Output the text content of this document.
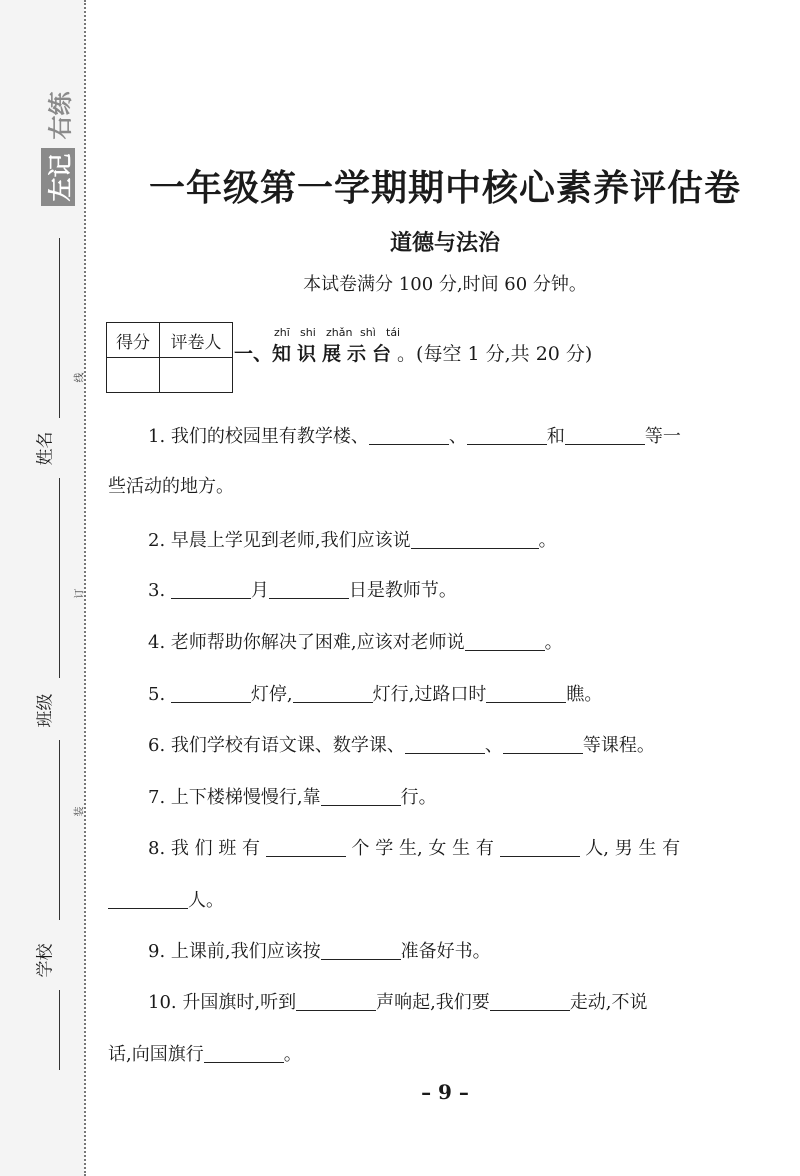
右练
左记
姓名
班级
学校
线
订
装
一年级第一学期期中核心素养评估卷
道德与法治
本试卷满分 100 分,时间 60 分钟。
得分	评卷人
		zhī shi zhǎn shì tái
一、 知识展示台 。(每空 1 分,共 20 分)
1. 我们的校园里有教学楼、	、	和	等一
些活动的地方。
2. 早晨上学见到老师,我们应该说	。
3.	月	日是教师节。
4. 老师帮助你解决了困难,应该对老师说	。
5.	灯停,	灯行,过路口时	瞧。
6. 我们学校有语文课、数学课、	、	等课程。
7. 上下楼梯慢慢行,靠	行。
8. 我 们 班 有	个 学 生, 女 生 有	人, 男 生 有
人。
9. 上课前,我们应该按	准备好书。
10. 升国旗时,听到	声响起,我们要	走动,不说
话,向国旗行	。
– 9 –
